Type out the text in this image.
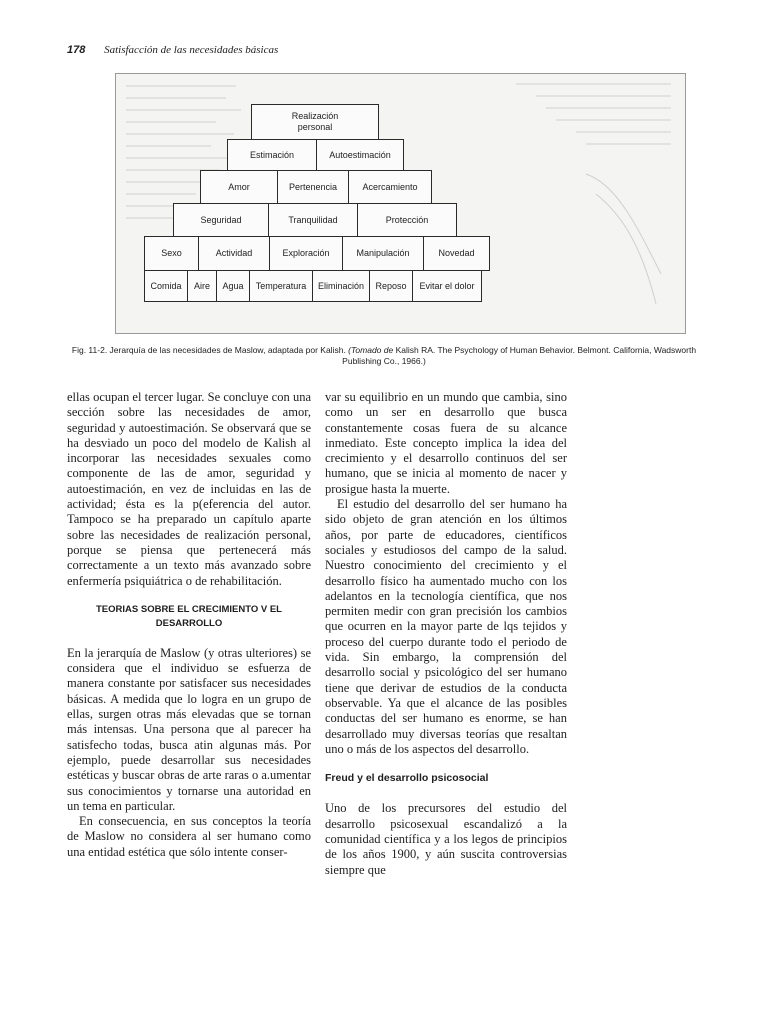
178 Satisfacción de las necesidades básicas
Realización
personal
Estimación	Autoestimación
Amor	Pertenencia	Acercamiento
Seguridad	Tranquilidad	Protección
Sexo	Actividad	Exploración	Manipulación	Novedad
Comida	Aire	Agua	Temperatura	Eliminación	Reposo	Evitar el dolor
Fig. 11-2. Jerarquía de las necesidades de Maslow, adaptada por Kalish. (Tomado de Kalish RA. The Psychology of Human Behavior. Belmont. California, Wadsworth Publishing Co., 1966.)

ellas ocupan el tercer lugar. Se concluye con una sección sobre las necesidades de amor, seguridad y autoestimación. Se observará que se ha desviado un poco del modelo de Kalish al incorporar las necesidades sexuales como componente de las de amor, seguridad y autoestimación, en vez de incluidas en las de actividad; ésta es la p(eferencia del autor. Tampoco se ha preparado un capítulo aparte sobre las necesidades de realización personal, porque se piensa que pertenecerá más correctamente a un texto más avanzado sobre enfermería psiquiátrica o de rehabilitación.

TEORIAS SOBRE EL CRECIMIENTO V EL DESARROLLO

En la jerarquía de Maslow (y otras ulteriores) se considera que el individuo se esfuerza de manera constante por satisfacer sus necesidades básicas. A medida que lo logra en un grupo de ellas, surgen otras más elevadas que se tornan más intensas. Una persona que al parecer ha satisfecho todas, busca atin algunas más. Por ejemplo, puede desarrollar sus necesidades estéticas y buscar obras de arte raras o a.umentar sus conocimientos y tornarse una autoridad en un tema en particular.

En consecuencia, en sus conceptos la teoría de Maslow no considera al ser humano como una entidad estética que sólo intente conser-

var su equilibrio en un mundo que cambia, sino como un ser en desarrollo que busca constantemente cosas fuera de su alcance inmediato. Este concepto implica la idea del crecimiento y el desarrollo continuos del ser humano, que se inicia al momento de nacer y prosigue hasta la muerte.

El estudio del desarrollo del ser humano ha sido objeto de gran atención en los últimos años, por parte de educadores, científicos sociales y estudiosos del campo de la salud. Nuestro conocimiento del crecimiento y el desarrollo físico ha aumentado mucho con los adelantos en la tecnología científica, que nos permiten medir con gran precisión los cambios que ocurren en la mayor parte de lqs tejidos y proceso del cuerpo durante todo el periodo de vida. Sin embargo, la comprensión del desarrollo social y psicológico del ser humano tiene que derivar de estudios de la conducta observable. Ya que el alcance de las posibles conductas del ser humano es enorme, se han desarrollado muy diversas teorías que resaltan uno o más de los aspectos del desarrollo.

Freud y el desarrollo psicosocial

Uno de los precursores del estudio del desarrollo psicosexual escandalizó a la comunidad científica y a los legos de principios de los años 1900, y aún suscita controversias siempre que
